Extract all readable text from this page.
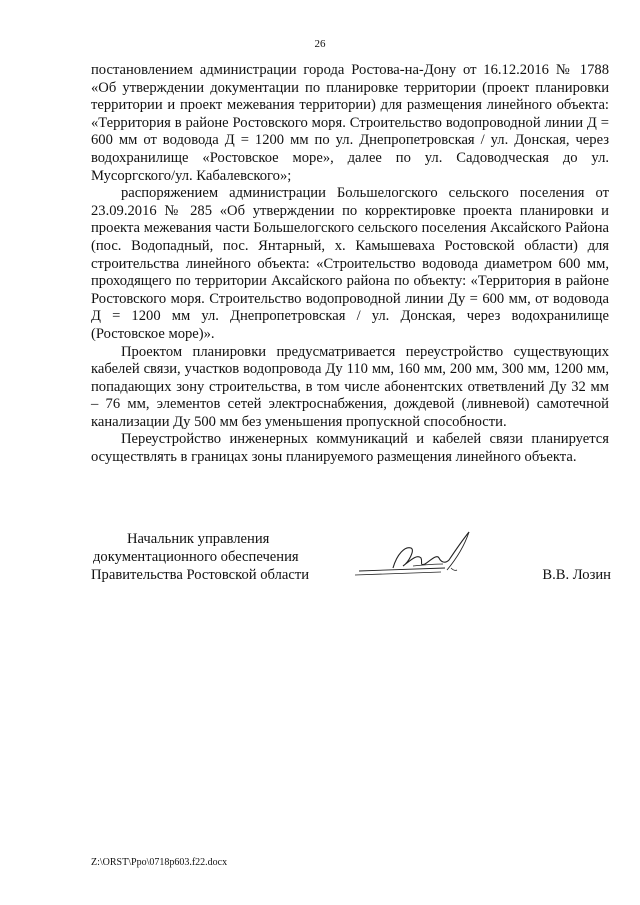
26

постановлением администрации города Ростова-на-Дону от 16.12.2016 № 1788 «Об утверждении документации по планировке территории (проект планировки территории и проект межевания территории) для размещения линейного объекта: «Территория в районе Ростовского моря. Строительство водопроводной линии Д = 600 мм от водовода Д = 1200 мм по ул. Днепропетровская / ул. Донская, через водохранилище «Ростовское море», далее по ул. Садоводческая до ул. Мусоргского/ул. Кабалевского»;

распоряжением администрации Большелогского сельского поселения от 23.09.2016 № 285 «Об утверждении по корректировке проекта планировки и проекта межевания части Большелогского сельского поселения Аксайского Района (пос. Водопадный, пос. Янтарный, х. Камышеваха Ростовской области) для строительства линейного объекта: «Строительство водовода диаметром 600 мм, проходящего по территории Аксайского района по объекту: «Территория в районе Ростовского моря. Строительство водопроводной линии Ду = 600 мм, от водовода Д = 1200 мм ул. Днепропетровская / ул. Донская, через водохранилище (Ростовское море)».

Проектом планировки предусматривается переустройство существующих кабелей связи, участков водопровода Ду 110 мм, 160 мм, 200 мм, 300 мм, 1200 мм, попадающих зону строительства, в том числе абонентских ответвлений Ду 32 мм – 76 мм, элементов сетей электроснабжения, дождевой (ливневой) самотечной канализации Ду 500 мм без уменьшения пропускной способности.

Переустройство инженерных коммуникаций и кабелей связи планируется осуществлять в границах зоны планируемого размещения линейного объекта.

Начальник управления
документационного обеспечения
Правительства Ростовской области	В.В. Лозин
Z:\ORST\Ppo\0718p603.f22.docx
